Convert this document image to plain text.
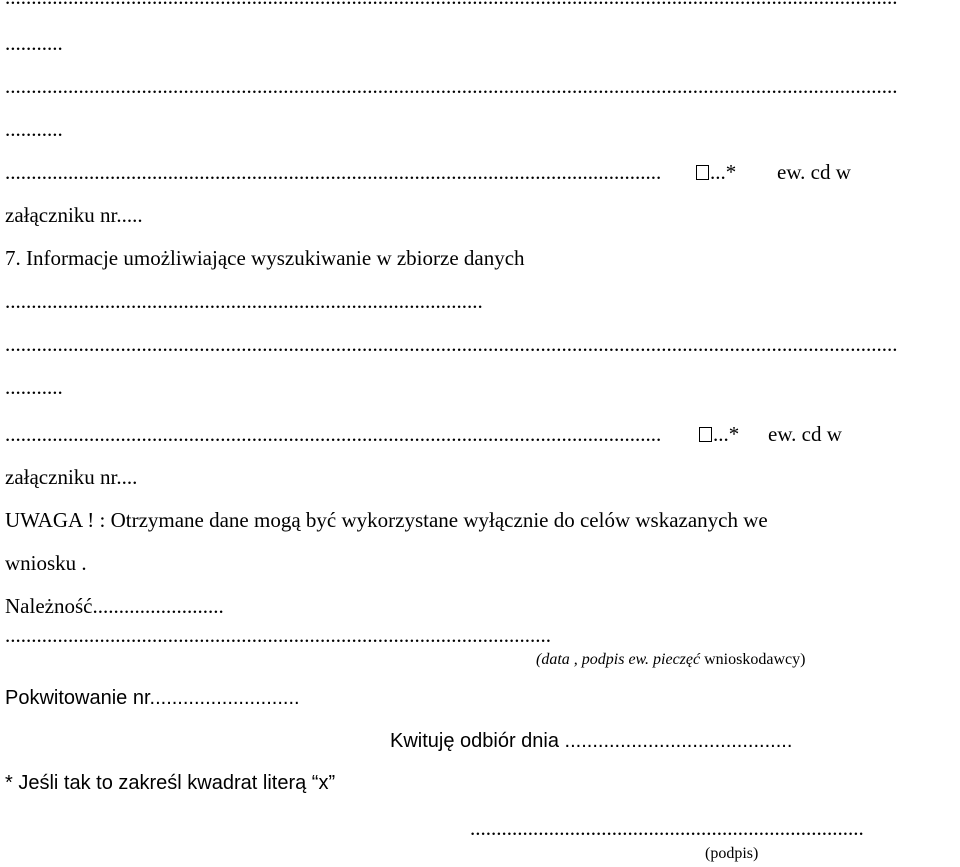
...........
..........................................................................................................................................................................
...........
............................................................................................................................. ...* ew. cd w
załączniku nr.....
7. Informacje umożliwiające wyszukiwanie w zbiorze danych
...........................................................................................
..........................................................................................................................................................................
...........
............................................................................................................................. ...* ew. cd w
załączniku nr....
UWAGA ! : Otrzymane dane mogą być wykorzystane wyłącznie do celów wskazanych we
wniosku .
Należność.........................
........................................................................................................
(data , podpis ew. pieczęć wnioskodawcy)
Pokwitowanie nr...........................
Kwituję odbiór dnia .........................................
* Jeśli tak to zakreśl kwadrat literą “x”
...........................................................................
(podpis)
